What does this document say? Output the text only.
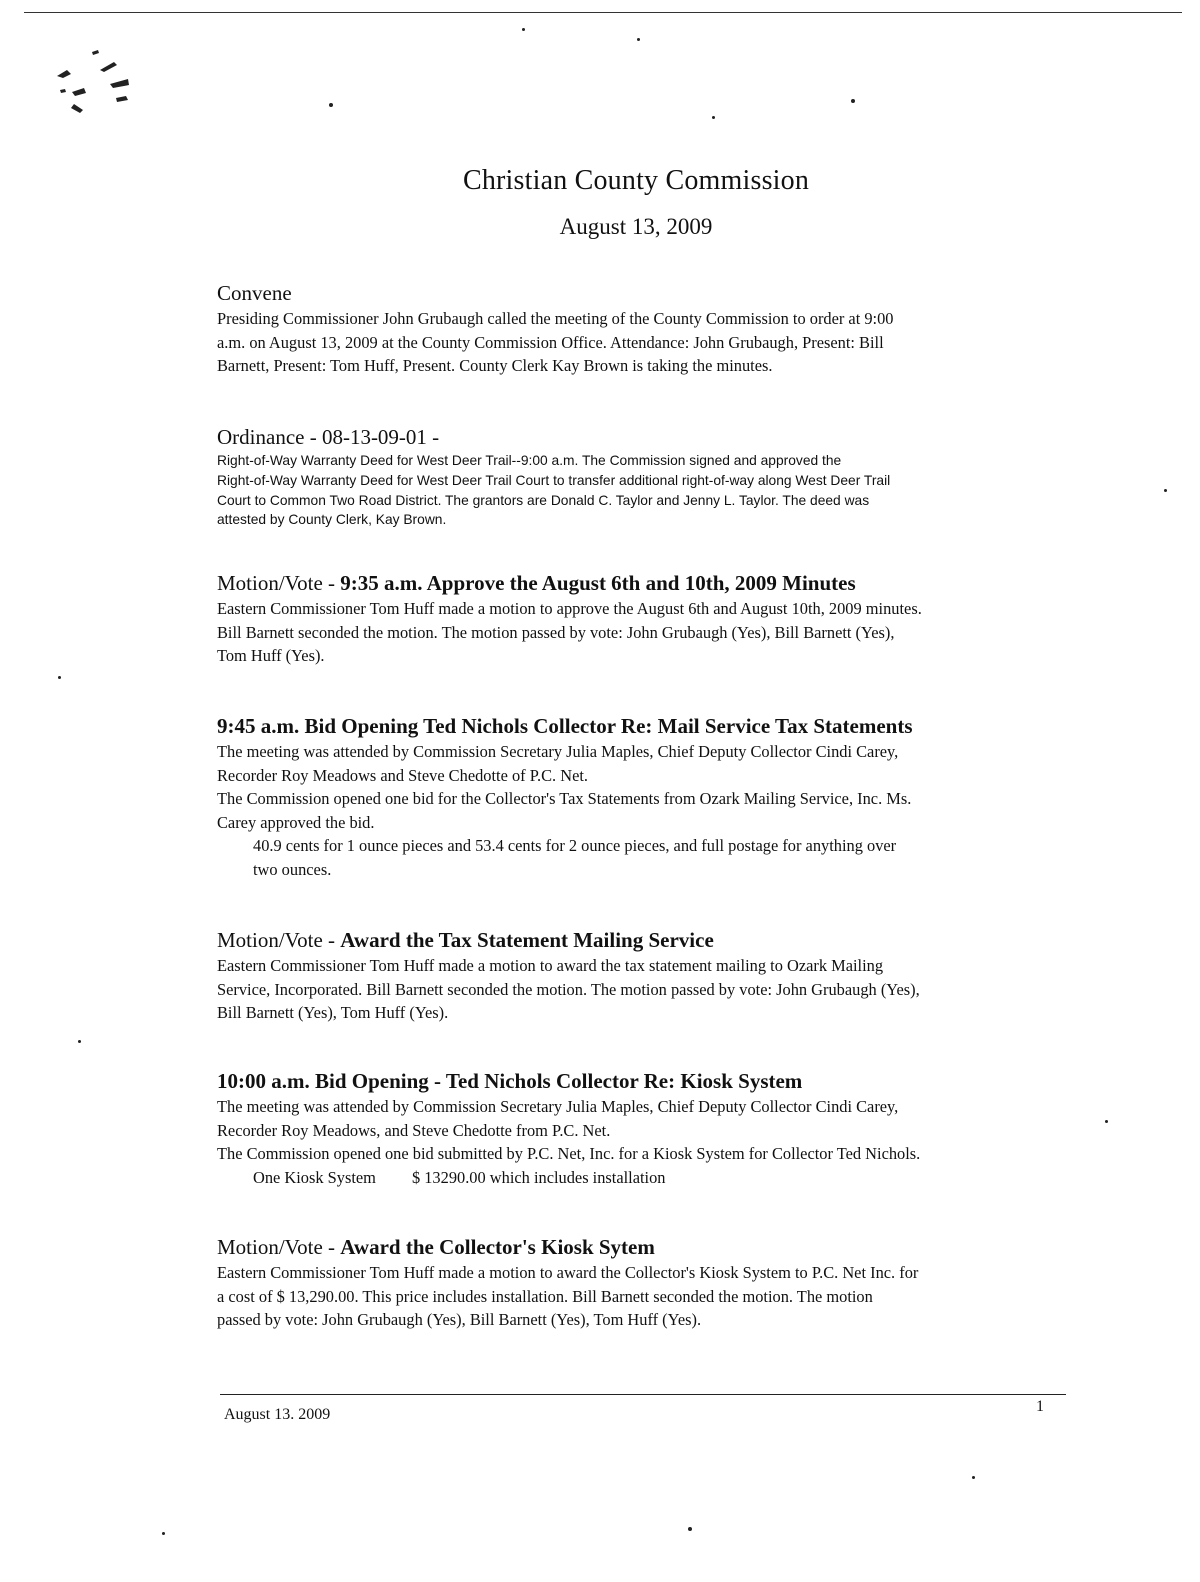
Christian County Commission
August 13, 2009
Convene

Presiding Commissioner John Grubaugh called the meeting of the County Commission to order at 9:00
a.m. on August 13, 2009 at the County Commission Office. Attendance: John Grubaugh, Present: Bill
Barnett, Present: Tom Huff, Present. County Clerk Kay Brown is taking the minutes.

Ordinance - 08-13-09-01 -

Right-of-Way Warranty Deed for West Deer Trail--9:00 a.m. The Commission signed and approved the
Right-of-Way Warranty Deed for West Deer Trail Court to transfer additional right-of-way along West Deer Trail
Court to Common Two Road District. The grantors are Donald C. Taylor and Jenny L. Taylor. The deed was
attested by County Clerk, Kay Brown.

Motion/Vote - 9:35 a.m. Approve the August 6th and 10th, 2009 Minutes

Eastern Commissioner Tom Huff made a motion to approve the August 6th and August 10th, 2009 minutes.
Bill Barnett seconded the motion. The motion passed by vote: John Grubaugh (Yes), Bill Barnett (Yes),
Tom Huff (Yes).

9:45 a.m. Bid Opening Ted Nichols Collector Re: Mail Service Tax Statements

The meeting was attended by Commission Secretary Julia Maples, Chief Deputy Collector Cindi Carey,
Recorder Roy Meadows and Steve Chedotte of P.C. Net.
The Commission opened one bid for the Collector's Tax Statements from Ozark Mailing Service, Inc. Ms.
Carey approved the bid.

40.9 cents for 1 ounce pieces and 53.4 cents for 2 ounce pieces, and full postage for anything over
two ounces.

Motion/Vote - Award the Tax Statement Mailing Service

Eastern Commissioner Tom Huff made a motion to award the tax statement mailing to Ozark Mailing
Service, Incorporated. Bill Barnett seconded the motion. The motion passed by vote: John Grubaugh (Yes),
Bill Barnett (Yes), Tom Huff (Yes).

10:00 a.m. Bid Opening - Ted Nichols Collector Re: Kiosk System

The meeting was attended by Commission Secretary Julia Maples, Chief Deputy Collector Cindi Carey,
Recorder Roy Meadows, and Steve Chedotte from P.C. Net.
The Commission opened one bid submitted by P.C. Net, Inc. for a Kiosk System for Collector Ted Nichols.

One Kiosk System $ 13290.00 which includes installation

Motion/Vote - Award the Collector's Kiosk Sytem

Eastern Commissioner Tom Huff made a motion to award the Collector's Kiosk System to P.C. Net Inc. for
a cost of $ 13,290.00. This price includes installation. Bill Barnett seconded the motion. The motion
passed by vote: John Grubaugh (Yes), Bill Barnett (Yes), Tom Huff (Yes).

August 13. 2009	1
